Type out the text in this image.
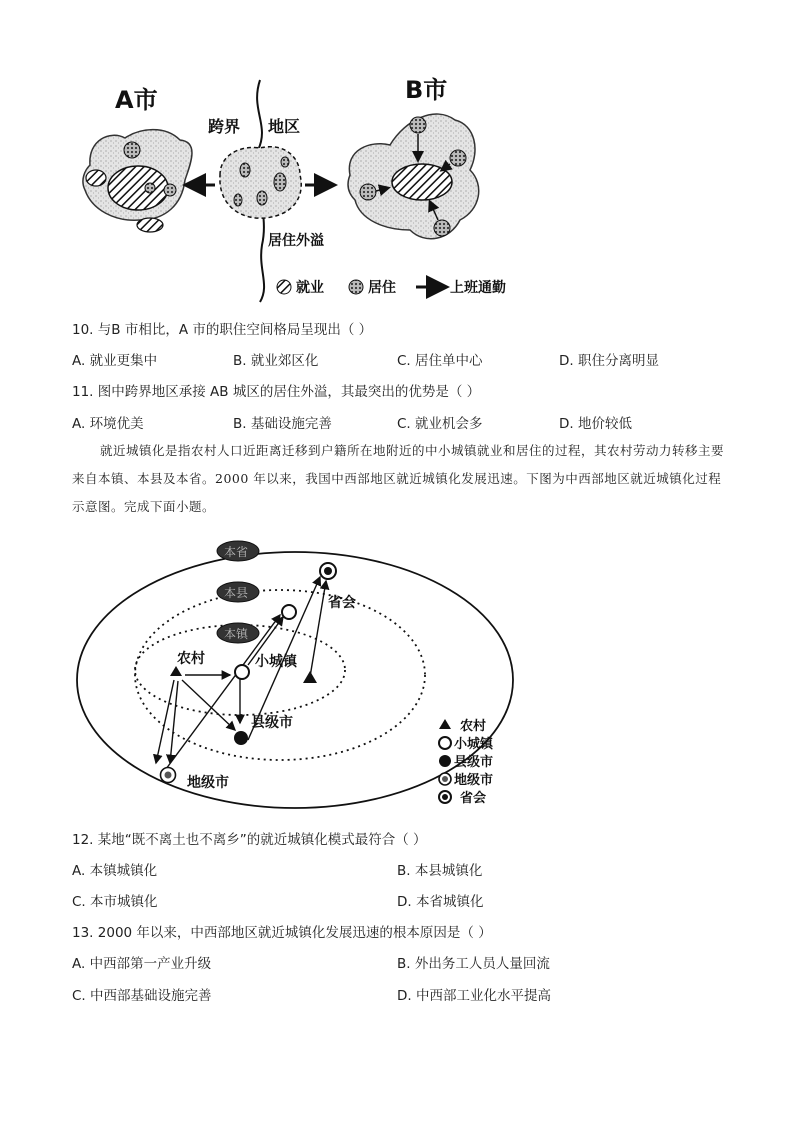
A市
跨界 地区
居住外溢
B市
就业	居住	上班通勤
10. 与B 市相比，A 市的职住空间格局呈现出（ ）
A. 就业更集中	B. 就业郊区化	C. 居住单中心	D. 职住分离明显
11. 图中跨界地区承接 AB 城区的居住外溢，其最突出的优势是（ ）
A. 环境优美	B. 基础设施完善	C. 就业机会多	D. 地价较低
就近城镇化是指农村人口近距离迁移到户籍所在地附近的中小城镇就业和居住的过程，其农村劳动力转移主要来自本镇、本县及本省。2000 年以来，我国中西部地区就近城镇化发展迅速。下图为中西部地区就近城镇化过程示意图。完成下面小题。
本省
本县
本镇
农村	小城镇
县级市
地级市
省会
农村
小城镇
县级市
地级市
省会
12. 某地“既不离土也不离乡”的就近城镇化模式最符合（ ）
A. 本镇城镇化	B. 本县城镇化
C. 本市城镇化	D. 本省城镇化
13. 2000 年以来，中西部地区就近城镇化发展迅速的根本原因是（ ）
A. 中西部第一产业升级	B. 外出务工人员人量回流
C. 中西部基础设施完善	D. 中西部工业化水平提高
